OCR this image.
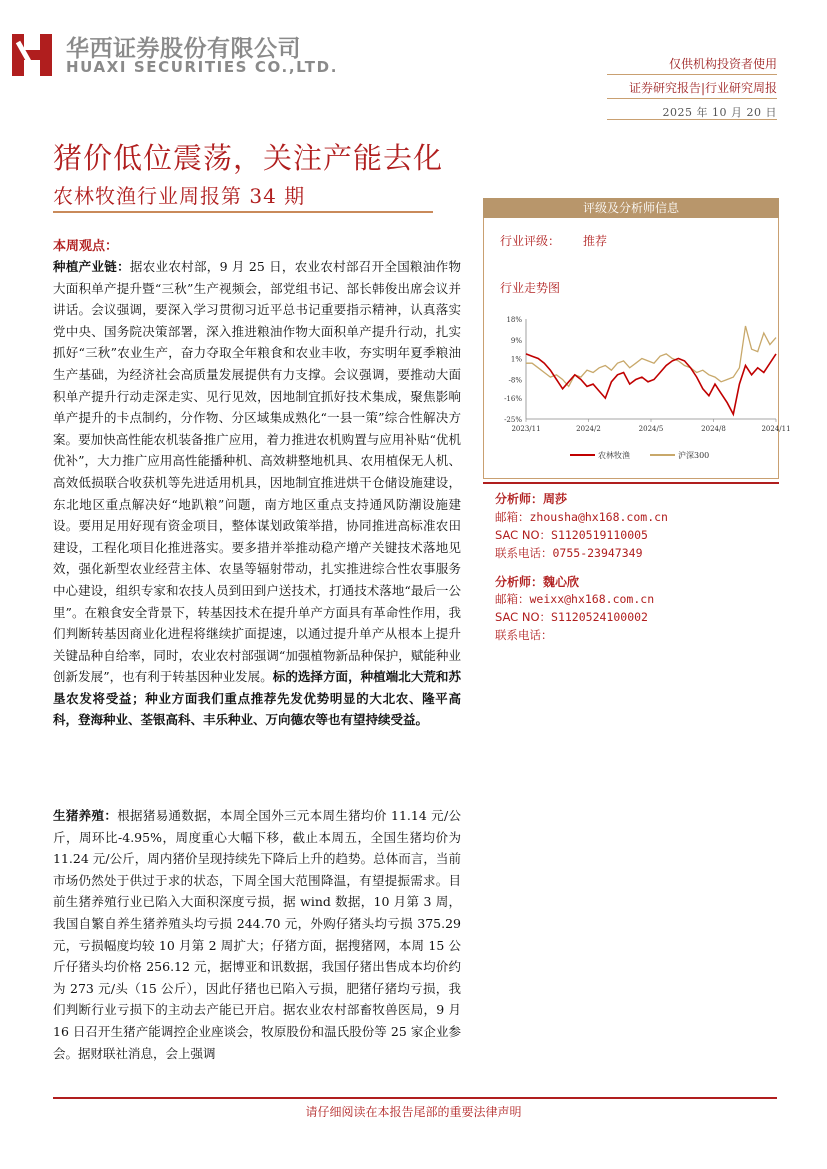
华西证券股份有限公司
HUAXI SECURITIES CO.,LTD.	仅供机构投资者使用
证券研究报告|行业研究周报
2025 年 10 月 20 日
猪价低位震荡，关注产能去化
农林牧渔行业周报第 34 期
本周观点：
种植产业链：据农业农村部，9 月 25 日，农业农村部召开全国粮油作物大面积单产提升暨“三秋”生产视频会，部党组书记、部长韩俊出席会议并讲话。会议强调，要深入学习贯彻习近平总书记重要指示精神，认真落实党中央、国务院决策部署，深入推进粮油作物大面积单产提升行动，扎实抓好“三秋”农业生产，奋力夺取全年粮食和农业丰收，夯实明年夏季粮油生产基础，为经济社会高质量发展提供有力支撑。会议强调，要推动大面积单产提升行动走深走实、见行见效，因地制宜抓好技术集成，聚焦影响单产提升的卡点制约，分作物、分区域集成熟化“一县一策”综合性解决方案。要加快高性能农机装备推广应用，着力推进农机购置与应用补贴“优机优补”，大力推广应用高性能播种机、高效耕整地机具、农用植保无人机、高效低损联合收获机等先进适用机具，因地制宜推进烘干仓储设施建设，东北地区重点解决好“地趴粮”问题，南方地区重点支持通风防潮设施建设。要用足用好现有资金项目，整体谋划政策举措，协同推进高标准农田建设，工程化项目化推进落实。要多措并举推动稳产增产关键技术落地见效，强化新型农业经营主体、农垦等辐射带动，扎实推进综合性农事服务中心建设，组织专家和农技人员到田到户送技术，打通技术落地“最后一公里”。在粮食安全背景下，转基因技术在提升单产方面具有革命性作用，我们判断转基因商业化进程将继续扩面提速，以通过提升单产从根本上提升关键品种自给率，同时，农业农村部强调“加强植物新品种保护，赋能种业创新发展”，也有利于转基因种业发展。标的选择方面，种植端北大荒和苏垦农发将受益；种业方面我们重点推荐先发优势明显的大北农、隆平高科，登海种业、荃银高科、丰乐种业、万向德农等也有望持续受益。
生猪养殖：根据猪易通数据，本周全国外三元本周生猪均价 11.14 元/公斤，周环比-4.95%，周度重心大幅下移，截止本周五，全国生猪均价为 11.24 元/公斤，周内猪价呈现持续先下降后上升的趋势。总体而言，当前市场仍然处于供过于求的状态，下周全国大范围降温，有望提振需求。目前生猪养殖行业已陷入大面积深度亏损，据 wind 数据，10 月第 3 周，我国自繁自养生猪养殖头均亏损 244.70 元，外购仔猪头均亏损 375.29 元，亏损幅度均较 10 月第 2 周扩大；仔猪方面，据搜猪网，本周 15 公斤仔猪头均价格 256.12 元，据博亚和讯数据，我国仔猪出售成本均价约为 273 元/头（15 公斤），因此仔猪也已陷入亏损，肥猪仔猪均亏损，我们判断行业亏损下的主动去产能已开启。据农业农村部畜牧兽医局，9 月 16 日召开生猪产能调控企业座谈会，牧原股份和温氏股份等 25 家企业参会。据财联社消息，会上强调
评级及分析师信息
行业评级： 推荐
行业走势图
18%
9%
1%
-8%
-16%
-25%
2023/11	2024/2	2024/5	2024/8	2024/11
农林牧渔	沪深300
分析师：周莎
邮箱：zhousha@hx168.com.cn
SAC NO：S1120519110005
联系电话：0755-23947349
分析师：魏心欣
邮箱：weixx@hx168.com.cn
SAC NO：S1120524100002
联系电话：
请仔细阅读在本报告尾部的重要法律声明
